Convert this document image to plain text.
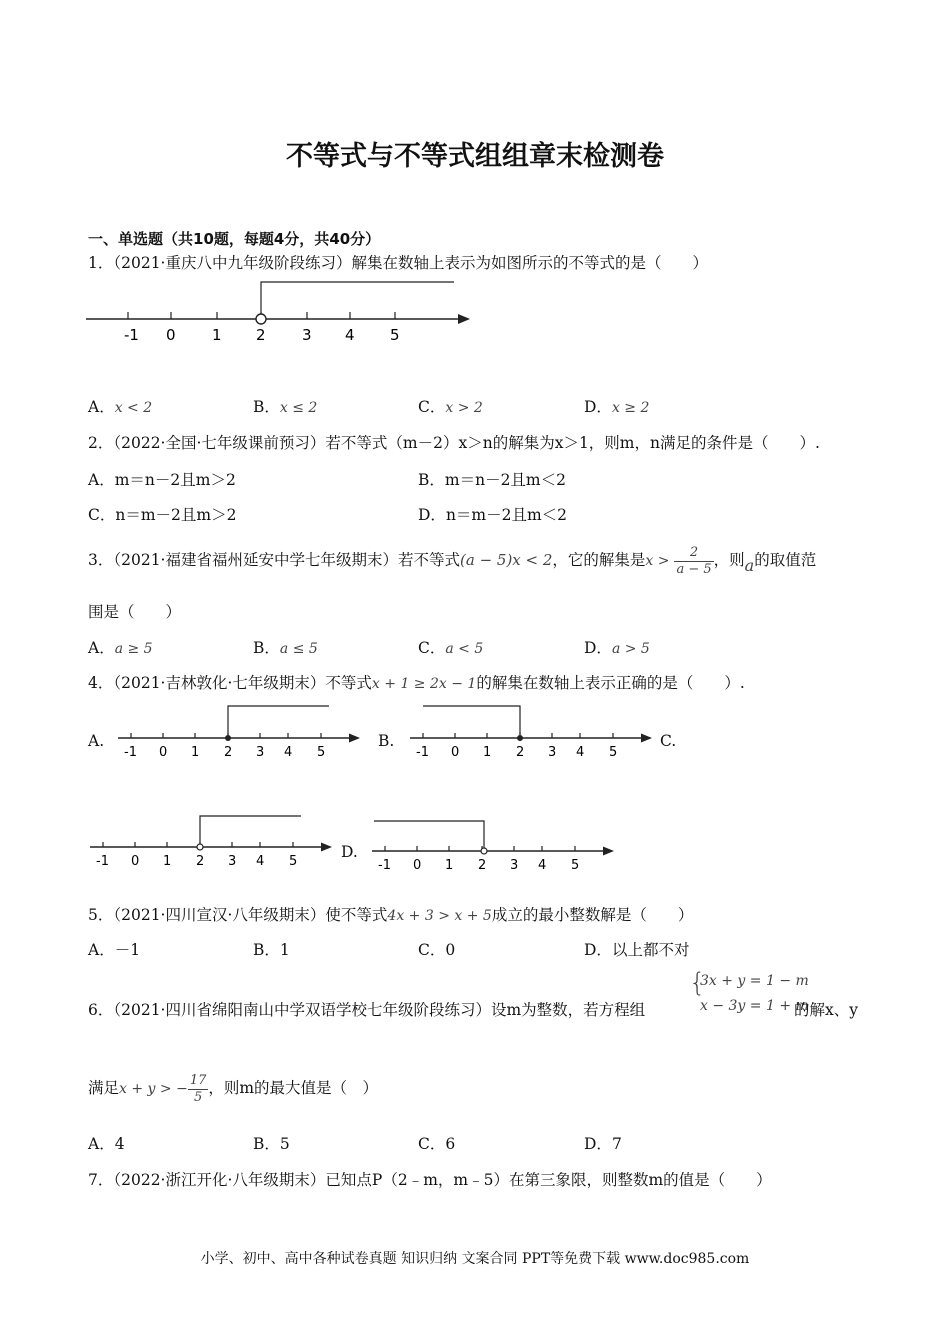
不等式与不等式组组章末检测卷
一、单选题（共10题，每题4分，共40分）
1．（2021·重庆八中九年级阶段练习）解集在数轴上表示为如图所示的不等式的是（　　）
-1 0 1 2 3 4 5
A．x < 2	B．x ≤ 2	C．x > 2	D．x ≥ 2
2．（2022·全国·七年级课前预习）若不等式（m－2）x＞n的解集为x＞1，则m，n满足的条件是（　　）.
A．m＝n－2且m＞2	B．m＝n－2且m＜2
C．n＝m－2且m＞2	D．n＝m－2且m＜2
3．（2021·福建省福州延安中学七年级期末）若不等式(a − 5)x < 2，它的解集是$x > \frac{2}{a - 5}$ ，则a的取值范
围是（　　）
A．a ≥ 5	B．a ≤ 5	C．a < 5	D．a > 5
4．（2021·吉林敦化·七年级期末）不等式x + 1 ≥ 2x − 1的解集在数轴上表示正确的是（　　）.
A.
-1 0 1 2 3 4 5
B.
-1 0 1 2 3 4 5
C.
-1 0 1 2 3 4 5
D.
-1 0 1 2 3 4 5
5．（2021·四川宣汉·八年级期末）使不等式4x + 3 > x + 5成立的最小整数解是（　　）
A．－1	B．1	C．0	D．以上都不对
6．（2021·四川省绵阳南山中学双语学校七年级阶段练习）设m为整数，若方程组
{
3x + y = 1 − m
x − 3y = 1 + m
的解x、y
满足x + y > − $\frac{17}{5}$ ，则m的最大值是（　）
A．4	B．5	C．6	D．7
7．（2022·浙江开化·八年级期末）已知点P（2﹣m，m﹣5）在第三象限，则整数m的值是（　　）
小学、初中、高中各种试卷真题 知识归纳 文案合同 PPT等免费下载 www.doc985.com
